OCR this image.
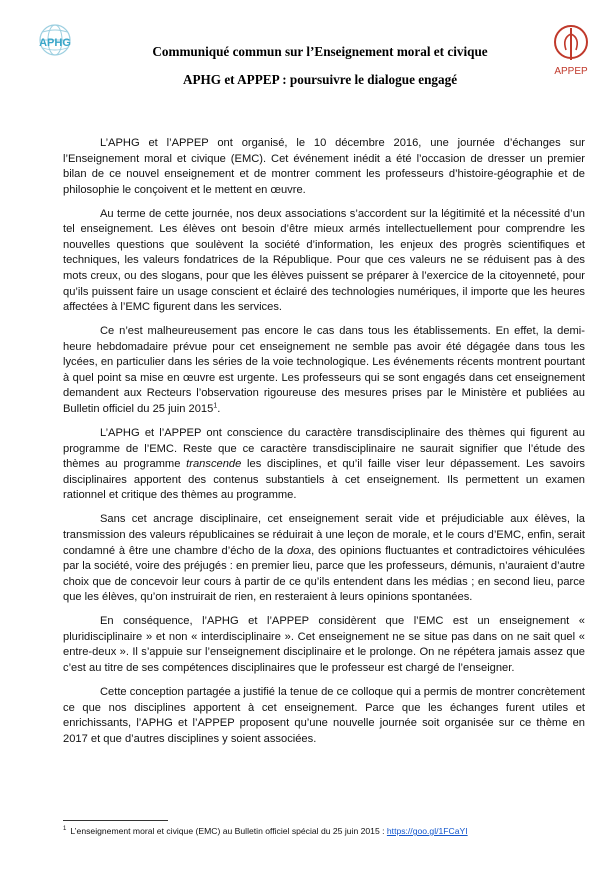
APHG
APPEP
Communiqué commun sur l’Enseignement moral et civique
APHG et APPEP : poursuivre le dialogue engagé

L’APHG et l’APPEP ont organisé, le 10 décembre 2016, une journée d’échanges sur l’Enseignement moral et civique (EMC). Cet événement inédit a été l’occasion de dresser un premier bilan de ce nouvel enseignement et de montrer comment les professeurs d’histoire-géographie et de philosophie le conçoivent et le mettent en œuvre.

Au terme de cette journée, nos deux associations s’accordent sur la légitimité et la nécessité d’un tel enseignement. Les élèves ont besoin d’être mieux armés intellectuellement pour comprendre les nouvelles questions que soulèvent la société d’information, les enjeux des progrès scientifiques et techniques, les valeurs fondatrices de la République. Pour que ces valeurs ne se réduisent pas à des mots creux, ou des slogans, pour que les élèves puissent se préparer à l’exercice de la citoyenneté, pour qu’ils puissent faire un usage conscient et éclairé des technologies numériques, il importe que les heures affectées à l’EMC figurent dans les services.

Ce n’est malheureusement pas encore le cas dans tous les établissements. En effet, la demi-heure hebdomadaire prévue pour cet enseignement ne semble pas avoir été dégagée dans tous les lycées, en particulier dans les séries de la voie technologique. Les événements récents montrent pourtant à quel point sa mise en œuvre est urgente. Les professeurs qui se sont engagés dans cet enseignement demandent aux Recteurs l’observation rigoureuse des mesures prises par le Ministère et publiées au Bulletin officiel du 25 juin 2015$^1$.

L’APHG et l’APPEP ont conscience du caractère transdisciplinaire des thèmes qui figurent au programme de l’EMC. Reste que ce caractère transdisciplinaire ne saurait signifier que l’étude des thèmes au programme transcende les disciplines, et qu’il faille viser leur dépassement. Les savoirs disciplinaires apportent des contenus substantiels à cet enseignement. Ils permettent un examen rationnel et critique des thèmes au programme.

Sans cet ancrage disciplinaire, cet enseignement serait vide et préjudiciable aux élèves, la transmission des valeurs républicaines se réduirait à une leçon de morale, et le cours d’EMC, enfin, serait condamné à être une chambre d’écho de la doxa, des opinions fluctuantes et contradictoires véhiculées par la société, voire des préjugés : en premier lieu, parce que les professeurs, démunis, n’auraient d’autre choix que de concevoir leur cours à partir de ce qu’ils entendent dans les médias ; en second lieu, parce que les élèves, qu’on instruirait de rien, en resteraient à leurs opinions spontanées.

En conséquence, l’APHG et l’APPEP considèrent que l’EMC est un enseignement « pluridisciplinaire » et non « interdisciplinaire ». Cet enseignement ne se situe pas dans on ne sait quel « entre-deux ». Il s’appuie sur l’enseignement disciplinaire et le prolonge. On ne répétera jamais assez que c’est au titre de ses compétences disciplinaires que le professeur est chargé de l’enseigner.

Cette conception partagée a justifié la tenue de ce colloque qui a permis de montrer concrètement ce que nos disciplines apportent à cet enseignement. Parce que les échanges furent utiles et enrichissants, l’APHG et l’APPEP proposent qu’une nouvelle journée soit organisée sur ce thème en 2017 et que d’autres disciplines y soient associées.

$^1$ L’enseignement moral et civique (EMC) au Bulletin officiel spécial du 25 juin 2015 : https://goo.gl/1FCaYI
